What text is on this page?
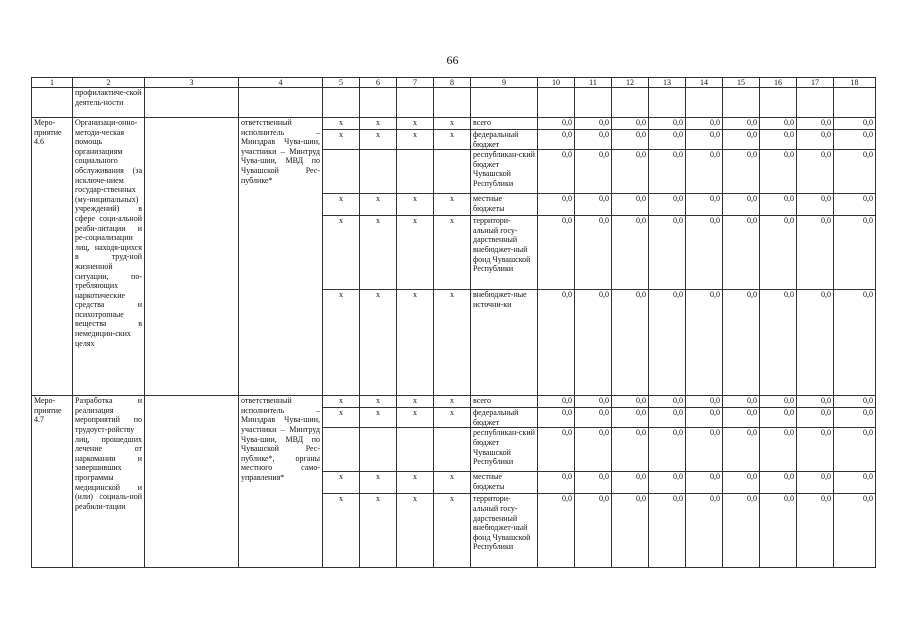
66
1	2	3	4	5	6	7	8	9	10	11	12	13	14	15	16	17	18
	профилактиче-ской деятель-ности																
Меро-приятие 4.6	Организаци-онно-методи-ческая помощь организациям социального обслуживания (за исключе-нием государ-ственных (му-ниципальных) учреждений) в сфере соци-альной реаби-литации и ре-социализации лиц, находя-щихся в труд-ной жизненной ситуации, по-требляющих наркотические средства и психотропные вещества в немедицин-ских целях		ответственный исполнитель – Минздрав Чува-шии, участники – Минтруд Чува-шии, МВД по Чувашской Рес-публике*	х	х	х	х	всего	0,0	0,0	0,0	0,0	0,0	0,0	0,0	0,0	0,0
				х	х	х	х	федеральный бюджет	0,0	0,0	0,0	0,0	0,0	0,0	0,0	0,0	0,0
								республикан-ский бюджет Чувашской Республики	0,0	0,0	0,0	0,0	0,0	0,0	0,0	0,0	0,0
				х	х	х	х	местные бюджеты	0,0	0,0	0,0	0,0	0,0	0,0	0,0	0,0	0,0
				х	х	х	х	территори-альный госу-дарственный внебюджет-ный фонд Чувашской Республики	0,0	0,0	0,0	0,0	0,0	0,0	0,0	0,0	0,0
				х	х	х	х	внебюджет-ные источни-ки	0,0	0,0	0,0	0,0	0,0	0,0	0,0	0,0	0,0
Меро-приятие 4.7	Разработка и реализация мероприятий по трудоуст-ройству лиц, прошедших лечение от наркомании и завершивших программы медицинской и (или) социаль-ной реабили-тации		ответственный исполнитель – Минздрав Чува-шии, участники – Минтруд Чува-шии, МВД по Чувашской Рес-публике*, органы местного само-управления*	х	х	х	х	всего	0,0	0,0	0,0	0,0	0,0	0,0	0,0	0,0	0,0
				х	х	х	х	федеральный бюджет	0,0	0,0	0,0	0,0	0,0	0,0	0,0	0,0	0,0
								республикан-ский бюджет Чувашской Республики	0,0	0,0	0,0	0,0	0,0	0,0	0,0	0,0	0,0
				х	х	х	х	местные бюджеты	0,0	0,0	0,0	0,0	0,0	0,0	0,0	0,0	0,0
				х	х	х	х	территори-альный госу-дарственный внебюджет-ный фонд Чувашской Республики	0,0	0,0	0,0	0,0	0,0	0,0	0,0	0,0	0,0
